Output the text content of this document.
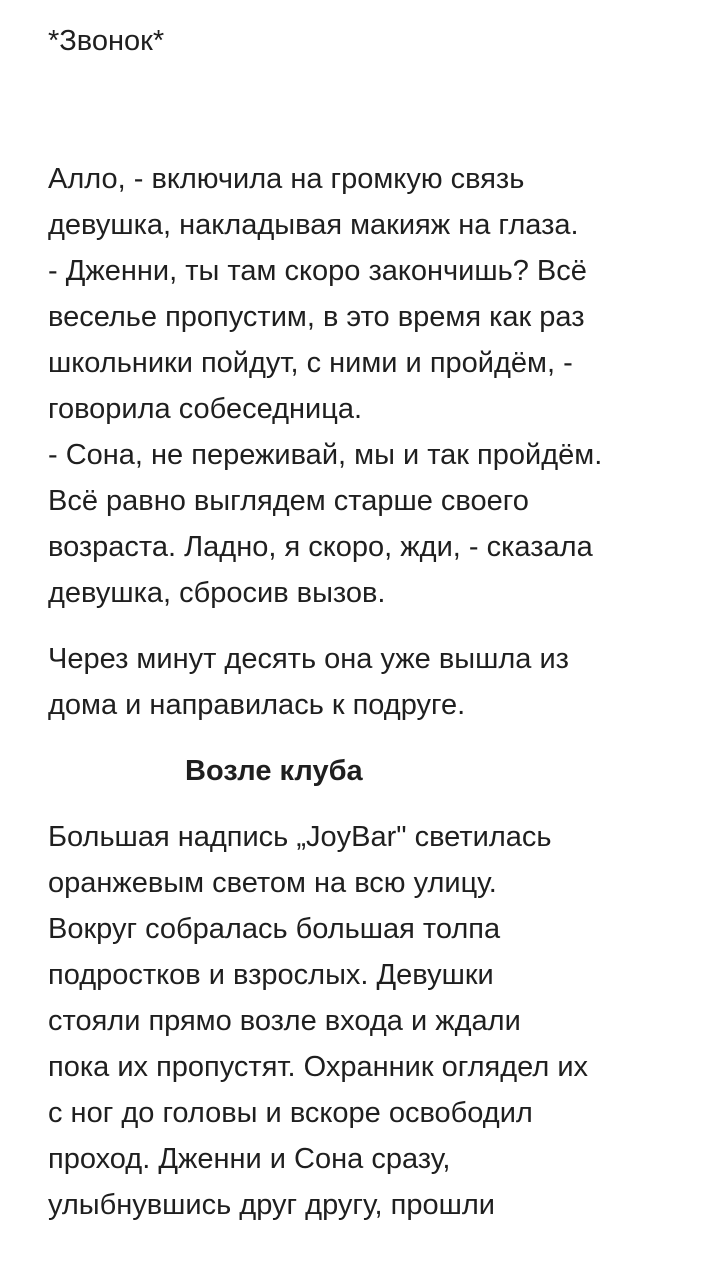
*Звонок*
Алло, - включила на громкую связь
девушка, накладывая макияж на глаза.
- Дженни, ты там скоро закончишь? Всё
веселье пропустим, в это время как раз
школьники пойдут, с ними и пройдём, -
говорила собеседница.
- Сона, не переживай, мы и так пройдём.
Всё равно выглядем старше своего
возраста. Ладно, я скоро, жди, - сказала
девушка, сбросив вызов.
Через минут десять она уже вышла из
дома и направилась к подруге.
Возле клуба
Большая надпись „JoyBar" светилась
оранжевым светом на всю улицу.
Вокруг собралась большая толпа
подростков и взрослых. Девушки
стояли прямо возле входа и ждали
пока их пропустят. Охранник оглядел их
с ног до головы и вскоре освободил
проход. Дженни и Сона сразу,
улыбнувшись друг другу, прошли
